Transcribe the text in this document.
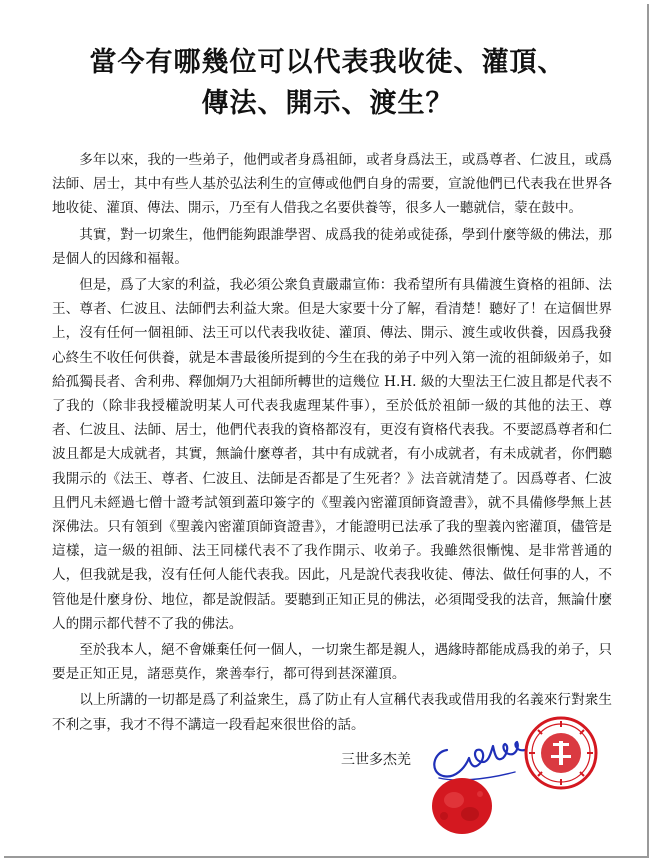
當今有哪幾位可以代表我收徒、灌頂、
傳法、開示、渡生？

多年以來，我的一些弟子，他們或者身爲祖師，或者身爲法王，或爲尊者、仁波且，或爲法師、居士，其中有些人基於弘法利生的宣傳或他們自身的需要，宣說他們已代表我在世界各地收徒、灌頂、傳法、開示，乃至有人借我之名要供養等，很多人一聽就信，蒙在鼓中。

其實，對一切衆生，他們能夠跟誰學習、成爲我的徒弟或徒孫，學到什麼等級的佛法，那是個人的因緣和福報。

但是，爲了大家的利益，我必須公衆負責嚴肅宣佈：我希望所有具備渡生資格的祖師、法王、尊者、仁波且、法師們去利益大衆。但是大家要十分了解，看清楚！聽好了！在這個世界上，沒有任何一個祖師、法王可以代表我收徒、灌頂、傳法、開示、渡生或收供養，因爲我發心終生不收任何供養，就是本書最後所提到的今生在我的弟子中列入第一流的祖師級弟子，如給孤獨長者、舍利弗、釋伽炯乃大祖師所轉世的這幾位 H.H. 級的大聖法王仁波且都是代表不了我的（除非我授權說明某人可代表我處理某件事），至於低於祖師一級的其他的法王、尊者、仁波且、法師、居士，他們代表我的資格都沒有，更沒有資格代表我。不要認爲尊者和仁波且都是大成就者，其實，無論什麼尊者，其中有成就者，有小成就者，有未成就者，你們聽我開示的《法王、尊者、仁波且、法師是否都是了生死者？》法音就清楚了。因爲尊者、仁波且們凡未經過七僧十證考試領到蓋印簽字的《聖義內密灌頂師資證書》，就不具備修學無上甚深佛法。只有領到《聖義內密灌頂師資證書》，才能證明已法承了我的聖義內密灌頂，儘管是這樣，這一級的祖師、法王同樣代表不了我作開示、收弟子。我雖然很慚愧、是非常普通的人，但我就是我，沒有任何人能代表我。因此，凡是說代表我收徒、傳法、做任何事的人，不管他是什麼身份、地位，都是說假話。要聽到正知正見的佛法，必須聞受我的法音，無論什麼人的開示都代替不了我的佛法。

至於我本人，絕不會嫌棄任何一個人，一切衆生都是親人，遇緣時都能成爲我的弟子，只要是正知正見，諸惡莫作，衆善奉行，都可得到甚深灌頂。

以上所講的一切都是爲了利益衆生，爲了防止有人宣稱代表我或借用我的名義來行對衆生不利之事，我才不得不講這一段看起來很世俗的話。

三世多杰羌
